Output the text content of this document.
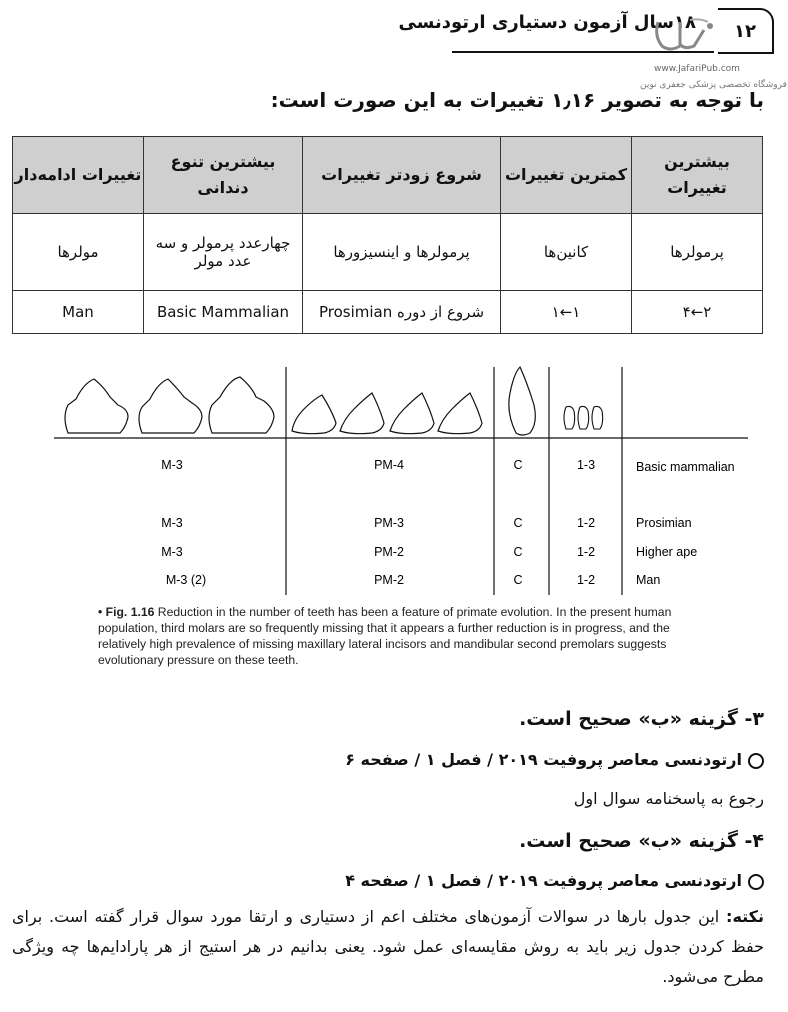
۱۲
۱۸سال آزمون دستیاری ارتودنسی
www.JafariPub.com
فروشگاه تخصصی پزشکی جعفری نوین
با توجه به تصویر ۱٫۱۶ تغییرات به این صورت است:
بیشترین تغییرات	کمترین تغییرات	شروع زودتر تغییرات	بیشترین تنوع دندانی	تغییرات ادامه‌دار
پرمولرها	کانین‌ها	پرمولرها و اینسیزورها	چهارعدد پرمولر و سه عدد مولر	مولرها
۲←۴	۱←۱	شروع از دوره Prosimian	Basic Mammalian	Man
M-3	PM-4	C	1-3	Basic mammalian
M-3	PM-3	C	1-2	Prosimian
M-3	PM-2	C	1-2	Higher ape
M-3 (2)	PM-2	C	1-2	Man
• Fig. 1.16 Reduction in the number of teeth has been a feature of primate evolution. In the present human population, third molars are so frequently missing that it appears a further reduction is in progress, and the relatively high prevalence of missing maxillary lateral incisors and mandibular second premolars suggests evolutionary pressure on these teeth.
۳- گزینه «ب» صحیح است.
ارتودنسی معاصر پروفیت ۲۰۱۹ / فصل ۱ / صفحه ۶
رجوع به پاسخنامه سوال اول
۴- گزینه «ب» صحیح است.
ارتودنسی معاصر پروفیت ۲۰۱۹ / فصل ۱ / صفحه ۴
نکته: این جدول بارها در سوالات آزمون‌های مختلف اعم از دستیاری و ارتقا مورد سوال قرار گفته است. برای حفظ کردن جدول زیر باید به روش مقایسه‌ای عمل شود. یعنی بدانیم در هر استیج از هر پارادایم‌ها چه ویژگی مطرح می‌شود.
